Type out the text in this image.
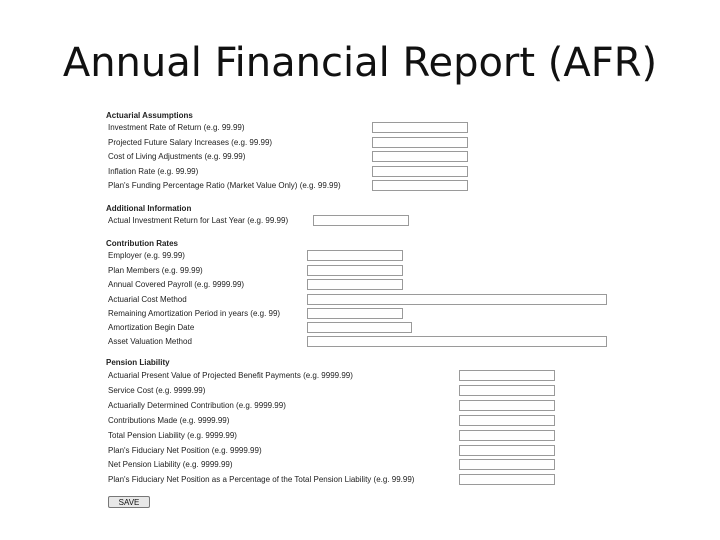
Annual Financial Report (AFR)
Actuarial Assumptions
Investment Rate of Return (e.g. 99.99)
Projected Future Salary Increases (e.g. 99.99)
Cost of Living Adjustments (e.g. 99.99)
Inflation Rate (e.g. 99.99)
Plan's Funding Percentage Ratio (Market Value Only) (e.g. 99.99)
Additional Information
Actual Investment Return for Last Year (e.g. 99.99)
Contribution Rates
Employer (e.g. 99.99)
Plan Members (e.g. 99.99)
Annual Covered Payroll (e.g. 9999.99)
Actuarial Cost Method
Remaining Amortization Period in years (e.g. 99)
Amortization Begin Date
Asset Valuation Method
Pension Liability
Actuarial Present Value of Projected Benefit Payments (e.g. 9999.99)
Service Cost (e.g. 9999.99)
Actuarially Determined Contribution (e.g. 9999.99)
Contributions Made (e.g. 9999.99)
Total Pension Liability (e.g. 9999.99)
Plan's Fiduciary Net Position (e.g. 9999.99)
Net Pension Liability (e.g. 9999.99)
Plan's Fiduciary Net Position as a Percentage of the Total Pension Liability (e.g. 99.99)
SAVE
